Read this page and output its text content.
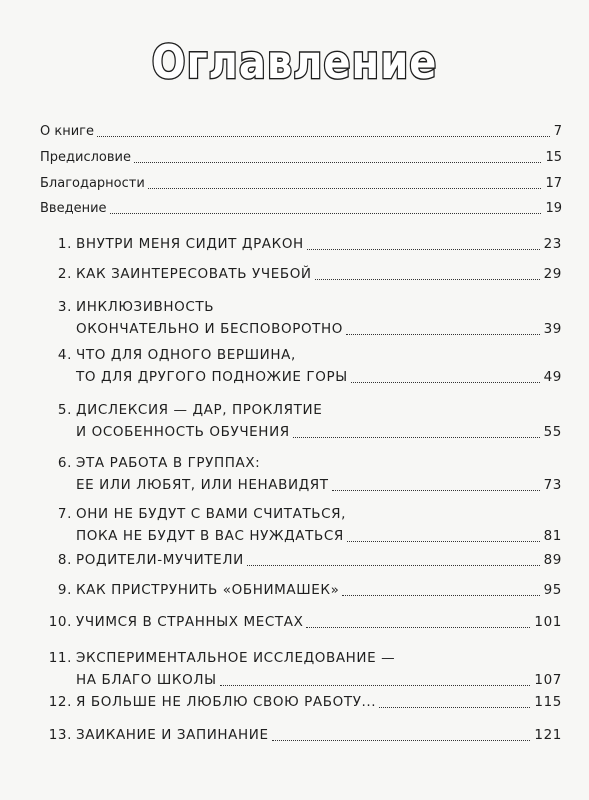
Оглавление
О книге	7
Предисловие	15
Благодарности	17
Введение	19
1. ВНУТРИ МЕНЯ СИДИТ ДРАКОН	23
2. КАК ЗАИНТЕРЕСОВАТЬ УЧЕБОЙ	29
3. ИНКЛЮЗИВНОСТЬ
ОКОНЧАТЕЛЬНО И БЕСПОВОРОТНО	39
4. ЧТО ДЛЯ ОДНОГО ВЕРШИНА,
ТО ДЛЯ ДРУГОГО ПОДНОЖИЕ ГОРЫ	49
5. ДИСЛЕКСИЯ — ДАР, ПРОКЛЯТИЕ
И ОСОБЕННОСТЬ ОБУЧЕНИЯ	55
6. ЭТА РАБОТА В ГРУППАХ:
ЕЕ ИЛИ ЛЮБЯТ, ИЛИ НЕНАВИДЯТ	73
7. ОНИ НЕ БУДУТ С ВАМИ СЧИТАТЬСЯ,
ПОКА НЕ БУДУТ В ВАС НУЖДАТЬСЯ	81
8. РОДИТЕЛИ-МУЧИТЕЛИ	89
9. КАК ПРИСТРУНИТЬ «ОБНИМАШЕК»	95
10. УЧИМСЯ В СТРАННЫХ МЕСТАХ	101
11. ЭКСПЕРИМЕНТАЛЬНОЕ ИССЛЕДОВАНИЕ —
НА БЛАГО ШКОЛЫ	107
12. Я БОЛЬШЕ НЕ ЛЮБЛЮ СВОЮ РАБОТУ...	115
13. ЗАИКАНИЕ И ЗАПИНАНИЕ	121
